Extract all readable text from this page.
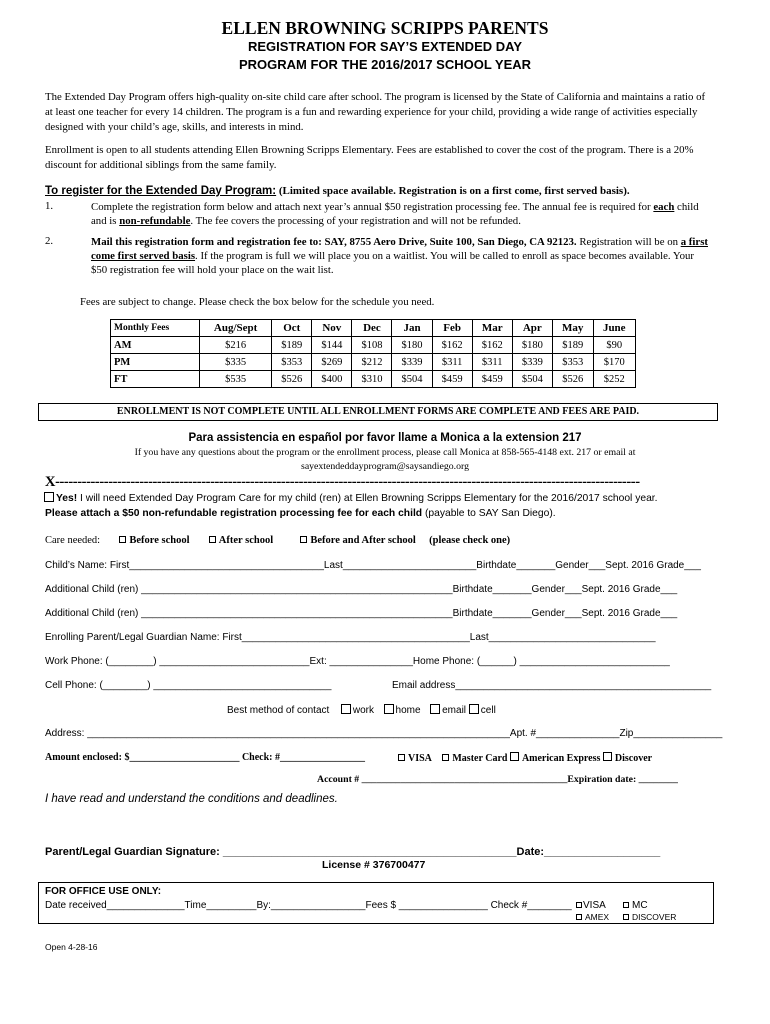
ELLEN BROWNING SCRIPPS PARENTS
REGISTRATION FOR SAY’S EXTENDED DAY
PROGRAM FOR THE 2016/2017 SCHOOL YEAR

The Extended Day Program offers high-quality on-site child care after school. The program is licensed by the State of California and maintains a ratio of at least one teacher for every 14 children. The program is a fun and rewarding experience for your child, providing a wide range of activities especially designed with your child’s age, skills, and interests in mind.

Enrollment is open to all students attending Ellen Browning Scripps Elementary. Fees are established to cover the cost of the program. There is a 20% discount for additional siblings from the same family.

To register for the Extended Day Program: (Limited space available. Registration is on a first come, first served basis).
1.	Complete the registration form below and attach next year’s annual $50 registration processing fee. The annual fee is required for each child and is non-refundable. The fee covers the processing of your registration and will not be refunded.

2.	Mail this registration form and registration fee to: SAY, 8755 Aero Drive, Suite 100, San Diego, CA 92123. Registration will be on a first come first served basis. If the program is full we will place you on a waitlist. You will be called to enroll as space becomes available. Your $50 registration fee will hold your place on the wait list.

Fees are subject to change. Please check the box below for the schedule you need.
Monthly Fees	Aug/Sept	Oct	Nov	Dec	Jan	Feb	Mar	Apr	May	June
AM	$216	$189	$144	$108	$180	$162	$162	$180	$189	$90
PM	$335	$353	$269	$212	$339	$311	$311	$339	$353	$170
FT	$535	$526	$400	$310	$504	$459	$459	$504	$526	$252
ENROLLMENT IS NOT COMPLETE UNTIL ALL ENROLLMENT FORMS ARE COMPLETE AND FEES ARE PAID.
Para assistencia en español por favor llame a Monica a la extension 217
If you have any questions about the program or the enrollment process, please call Monica at 858-565-4148 ext. 217 or email at
sayextendeddayprogram@saysandiego.org
X------------------------------------------------------------------------------------------------------------------------------------
Yes! I will need Extended Day Program Care for my child (ren) at Ellen Browning Scripps Elementary for the 2016/2017 school year.
Please attach a $50 non-refundable registration processing fee for each child (payable to SAY San Diego).
Care needed:	Before school	After school	Before and After school (please check one)
Child’s Name: First___________________________________Last________________________Birthdate_______Gender___Sept. 2016 Grade___
Additional Child (ren) ________________________________________________________Birthdate_______Gender___Sept. 2016 Grade___
Additional Child (ren) ________________________________________________________Birthdate_______Gender___Sept. 2016 Grade___
Enrolling Parent/Legal Guardian Name: First_________________________________________Last______________________________
Work Phone: (________) ___________________________Ext: _______________Home Phone: (______) ___________________________
Cell Phone: (________) ________________________________	Email address______________________________________________
Best method of contact work home email cell
Address: ____________________________________________________________________________Apt. #_______________Zip________________
Amount enclosed: $______________________ Check: #_________________	VISA Master Card American Express Discover
Account # __________________________________________Expiration date: ________
I have read and understand the conditions and deadlines.
Parent/Legal Guardian Signature: ________________________________________________Date:___________________
License # 376700477
FOR OFFICE USE ONLY:
Date received______________Time_________By:_________________Fees $ ________________ Check #________	VISA	MC
AMEX	DISCOVER
Open 4-28-16
